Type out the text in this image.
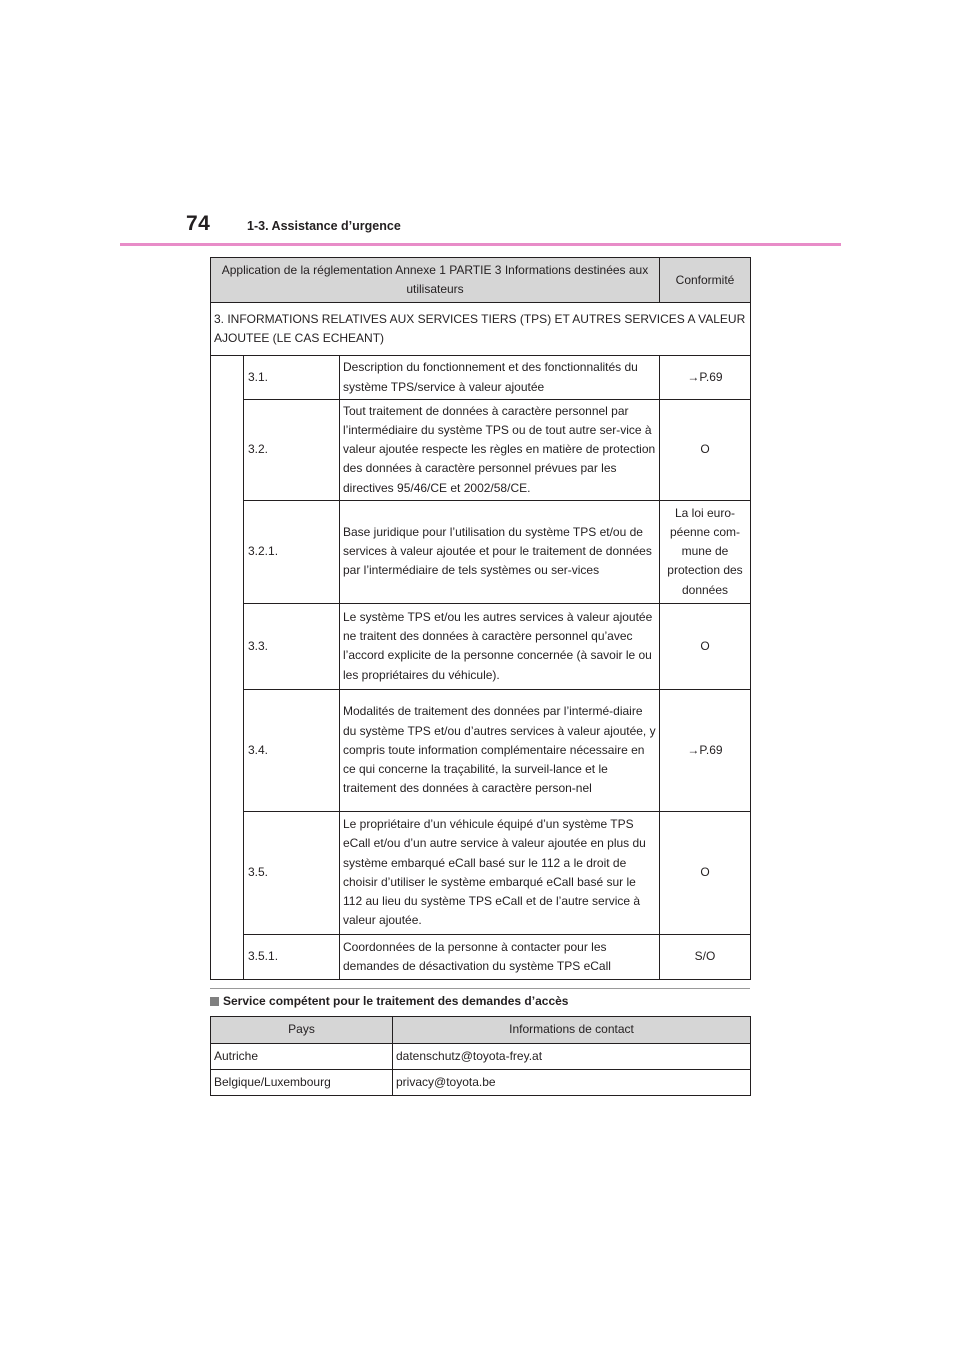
74	1-3. Assistance d’urgence
Application de la réglementation Annexe 1 PARTIE 3 Informations destinées aux utilisateurs			Conformité
3. INFORMATIONS RELATIVES AUX SERVICES TIERS (TPS) ET AUTRES SERVICES A VALEUR AJOUTEE (LE CAS ECHEANT)			
	3.1.	Description du fonctionnement et des fonctionnalités du système TPS/service à valeur ajoutée	→P.69
	3.2.	Tout traitement de données à caractère personnel par l’intermédiaire du système TPS ou de tout autre ser-vice à valeur ajoutée respecte les règles en matière de protection des données à caractère personnel prévues par les directives 95/46/CE et 2002/58/CE.	O
	3.2.1.	Base juridique pour l’utilisation du système TPS et/ou de services à valeur ajoutée et pour le traitement de données par l’intermédiaire de tels systèmes ou ser-vices	La loi euro-péenne com-mune de protection des données
	3.3.	Le système TPS et/ou les autres services à valeur ajoutée ne traitent des données à caractère personnel qu’avec l’accord explicite de la personne concernée (à savoir le ou les propriétaires du véhicule).	O
	3.4.	Modalités de traitement des données par l’intermé-diaire du système TPS et/ou d’autres services à valeur ajoutée, y compris toute information complémentaire nécessaire en ce qui concerne la traçabilité, la surveil-lance et le traitement des données à caractère person-nel	→P.69
	3.5.	Le propriétaire d’un véhicule équipé d’un système TPS eCall et/ou d’un autre service à valeur ajoutée en plus du système embarqué eCall basé sur le 112 a le droit de choisir d’utiliser le système embarqué eCall basé sur le 112 au lieu du système TPS eCall et de l’autre service à valeur ajoutée.	O
	3.5.1.	Coordonnées de la personne à contacter pour les demandes de désactivation du système TPS eCall	S/O
Service compétent pour le traitement des demandes d’accès
Pays	Informations de contact
Autriche	datenschutz@toyota-frey.at
Belgique/Luxembourg	privacy@toyota.be
